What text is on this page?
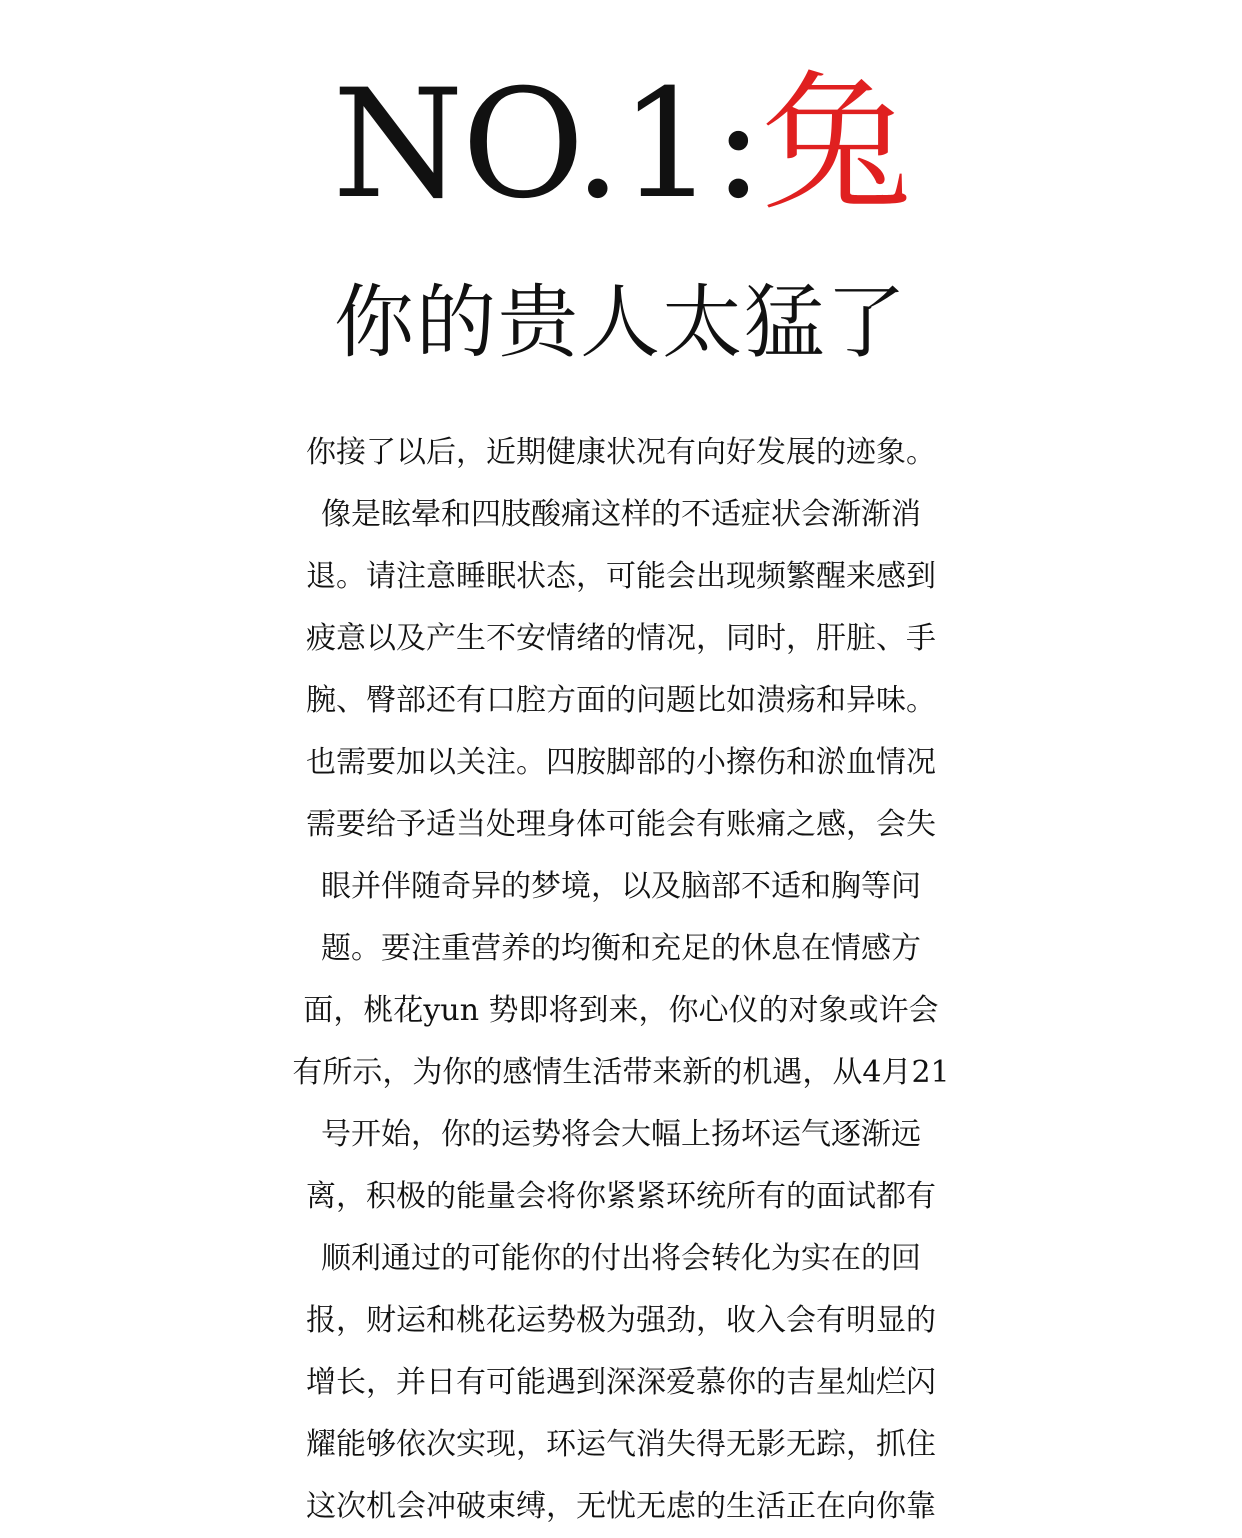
NO.1:兔
你的贵人太猛了
你接了以后，近期健康状况有向好发展的迹象。
像是眩晕和四肢酸痛这样的不适症状会渐渐消
退。请注意睡眠状态，可能会出现频繁醒来感到
疲意以及产生不安情绪的情况，同时，肝脏、手
腕、臀部还有口腔方面的问题比如溃疡和异味。
也需要加以关注。四胺脚部的小擦伤和淤血情况
需要给予适当处理身体可能会有账痛之感，会失
眼并伴随奇异的梦境，以及脑部不适和胸等问
题。要注重营养的均衡和充足的休息在情感方
面，桃花yun 势即将到来，你心仪的对象或许会
有所示，为你的感情生活带来新的机遇，从4月21
号开始，你的运势将会大幅上扬坏运气逐渐远
离，积极的能量会将你紧紧环统所有的面试都有
顺利通过的可能你的付出将会转化为实在的回
报，财运和桃花运势极为强劲，收入会有明显的
增长，并日有可能遇到深深爱慕你的吉星灿烂闪
耀能够依次实现，环运气消失得无影无踪，抓住
这次机会冲破束缚，无忧无虑的生活正在向你靠
